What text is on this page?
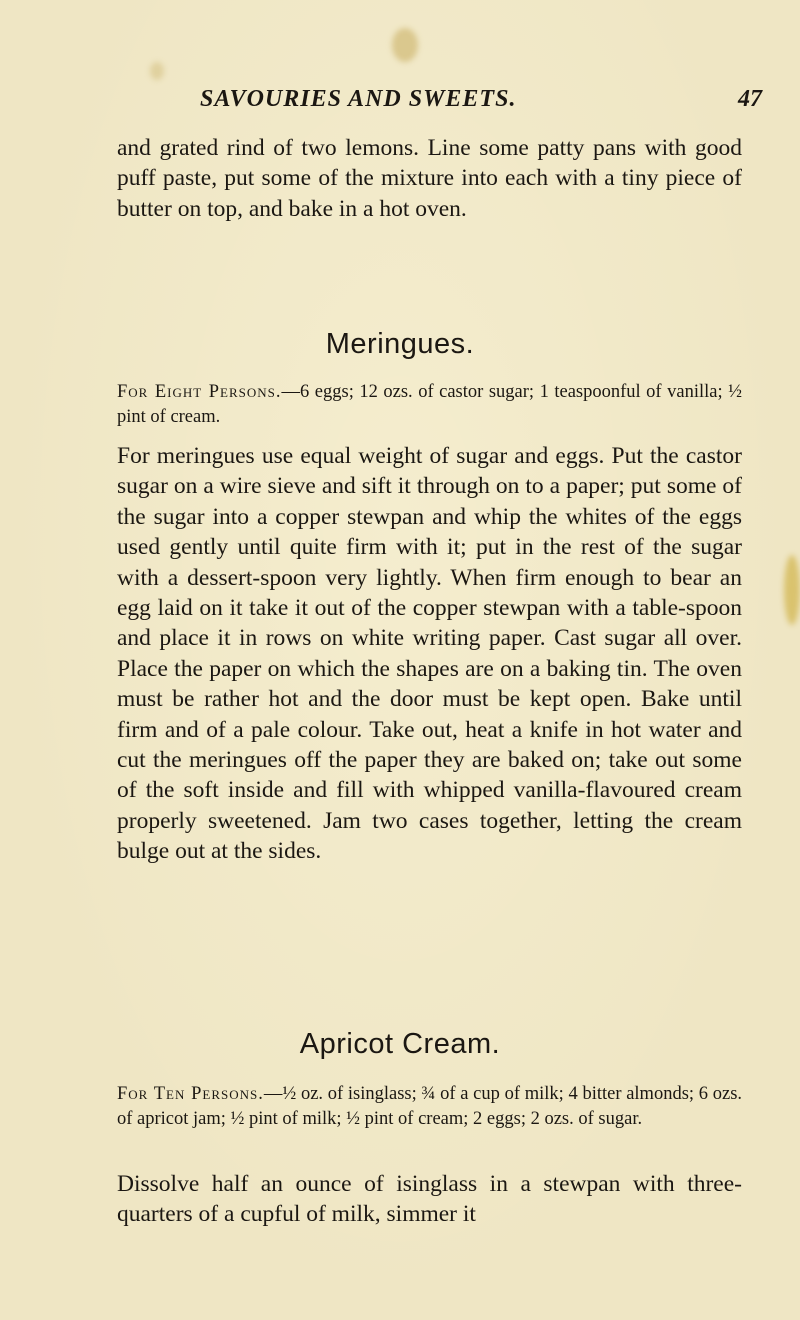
SAVOURIES AND SWEETS.	47

and grated rind of two lemons. Line some patty pans with good puff paste, put some of the mixture into each with a tiny piece of butter on top, and bake in a hot oven.

Meringues.

For Eight Persons.—6 eggs; 12 ozs. of castor sugar; 1 teaspoonful of vanilla; ½ pint of cream.

For meringues use equal weight of sugar and eggs. Put the castor sugar on a wire sieve and sift it through on to a paper; put some of the sugar into a copper stewpan and whip the whites of the eggs used gently until quite firm with it; put in the rest of the sugar with a dessert-spoon very lightly. When firm enough to bear an egg laid on it take it out of the copper stewpan with a table-spoon and place it in rows on white writing paper. Cast sugar all over. Place the paper on which the shapes are on a baking tin. The oven must be rather hot and the door must be kept open. Bake until firm and of a pale colour. Take out, heat a knife in hot water and cut the meringues off the paper they are baked on; take out some of the soft inside and fill with whipped vanilla-flavoured cream properly sweetened. Jam two cases together, letting the cream bulge out at the sides.

Apricot Cream.

For Ten Persons.—½ oz. of isinglass; ¾ of a cup of milk; 4 bitter almonds; 6 ozs. of apricot jam; ½ pint of milk; ½ pint of cream; 2 eggs; 2 ozs. of sugar.

Dissolve half an ounce of isinglass in a stewpan with three-quarters of a cupful of milk, simmer it
